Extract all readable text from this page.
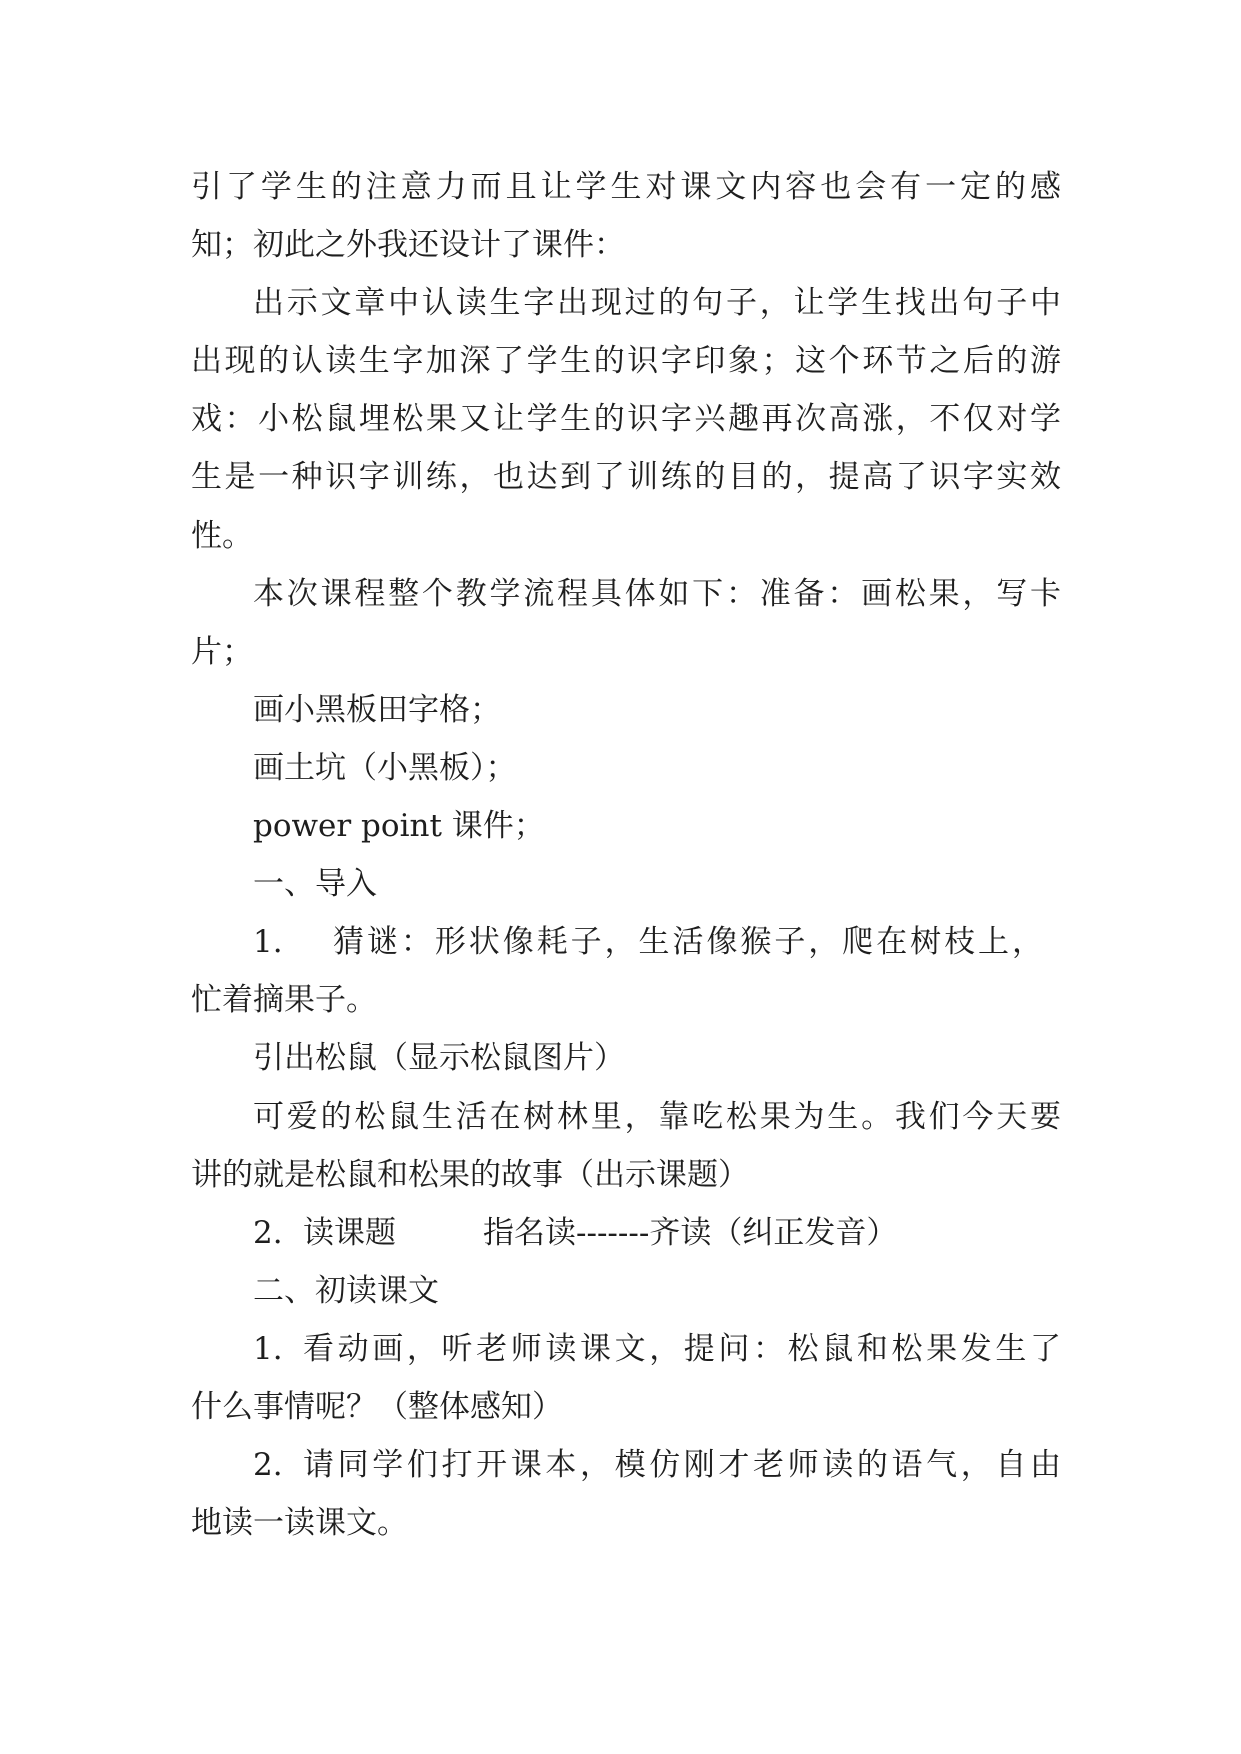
引了学生的注意力而且让学生对课文内容也会有一定的感
知；初此之外我还设计了课件：
出示文章中认读生字出现过的句子，让学生找出句子中
出现的认读生字加深了学生的识字印象；这个环节之后的游
戏：小松鼠埋松果又让学生的识字兴趣再次高涨，不仅对学
生是一种识字训练，也达到了训练的目的，提高了识字实效
性。
本次课程整个教学流程具体如下：准备：画松果，写卡
片；
画小黑板田字格；
画土坑（小黑板）；
power point 课件；
一、导入
1. 猜谜：形状像耗子，生活像猴子，爬在树枝上，
忙着摘果子。
引出松鼠（显示松鼠图片）
可爱的松鼠生活在树林里，靠吃松果为生。我们今天要
讲的就是松鼠和松果的故事（出示课题）
2. 读课题	指名读-------齐读（纠正发音）
二、初读课文
1. 看动画，听老师读课文，提问：松鼠和松果发生了
什么事情呢？（整体感知）
2. 请同学们打开课本，模仿刚才老师读的语气，自由
地读一读课文。
